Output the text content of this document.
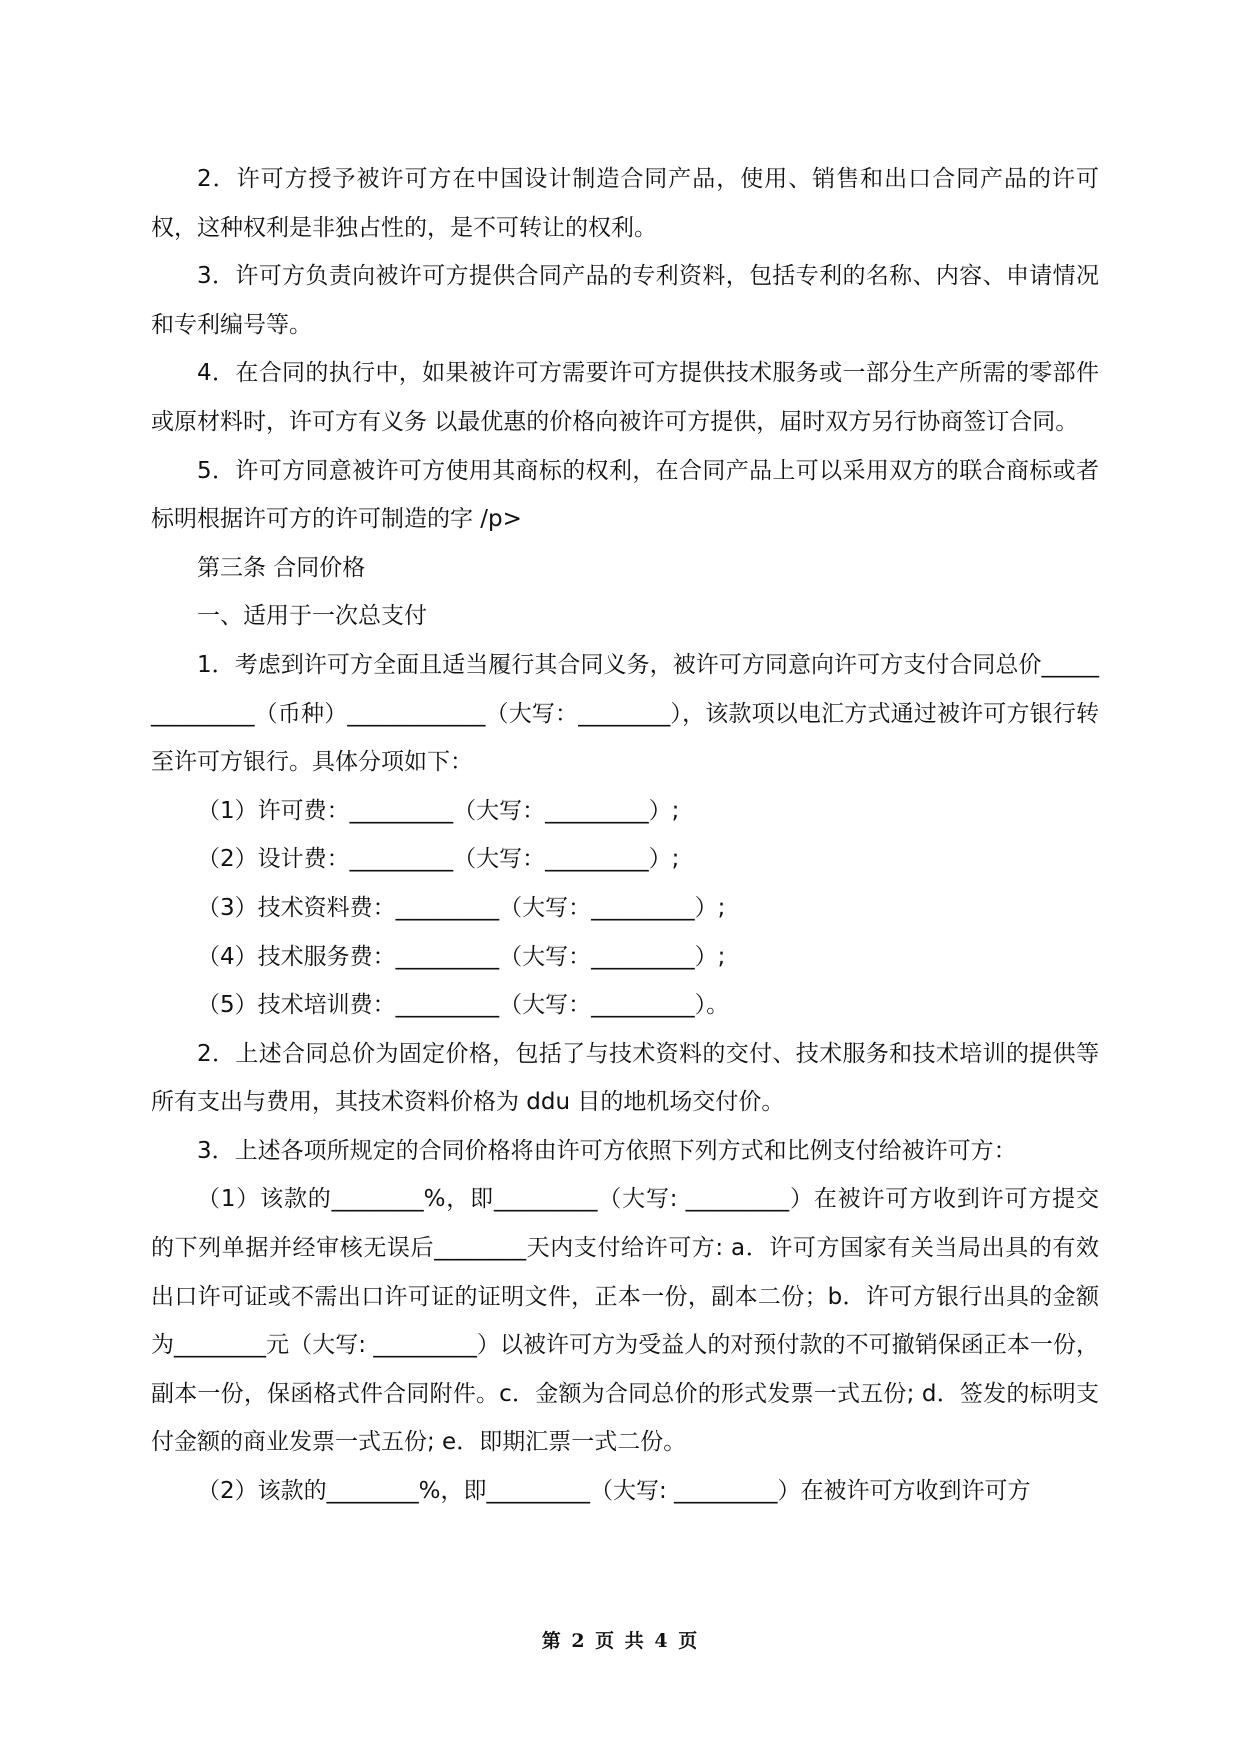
2．许可方授予被许可方在中国设计制造合同产品，使用、销售和出口合同产品的许可权，这种权利是非独占性的，是不可转让的权利。

3．许可方负责向被许可方提供合同产品的专利资料，包括专利的名称、内容、申请情况和专利编号等。

4．在合同的执行中，如果被许可方需要许可方提供技术服务或一部分生产所需的零部件或原材料时，许可方有义务 以最优惠的价格向被许可方提供，届时双方另行协商签订合同。

5．许可方同意被许可方使用其商标的权利，在合同产品上可以采用双方的联合商标或者标明根据许可方的许可制造的字 /p>

第三条 合同价格

一、适用于一次总支付

1．考虑到许可方全面且适当履行其合同义务，被许可方同意向许可方支付合同总价______________（币种）____________（大写：________），该款项以电汇方式通过被许可方银行转至许可方银行。具体分项如下：

（1）许可费：_________（大写：_________）;

（2）设计费：_________（大写：_________）;

（3）技术资料费：_________（大写：_________）;

（4）技术服务费：_________（大写：_________）;

（5）技术培训费：_________（大写：_________）。

2．上述合同总价为固定价格，包括了与技术资料的交付、技术服务和技术培训的提供等所有支出与费用，其技术资料价格为 ddu 目的地机场交付价。

3．上述各项所规定的合同价格将由许可方依照下列方式和比例支付给被许可方：

（1）该款的________%，即_________（大写: _________）在被许可方收到许可方提交的下列单据并经审核无误后________天内支付给许可方: a．许可方国家有关当局出具的有效出口许可证或不需出口许可证的证明文件，正本一份，副本二份；b．许可方银行出具的金额为________元（大写: _________）以被许可方为受益人的对预付款的不可撤销保函正本一份，副本一份，保函格式件合同附件。c．金额为合同总价的形式发票一式五份; d．签发的标明支付金额的商业发票一式五份; e．即期汇票一式二份。

（2）该款的________%，即_________（大写: _________）在被许可方收到许可方

第 2 页 共 4 页
